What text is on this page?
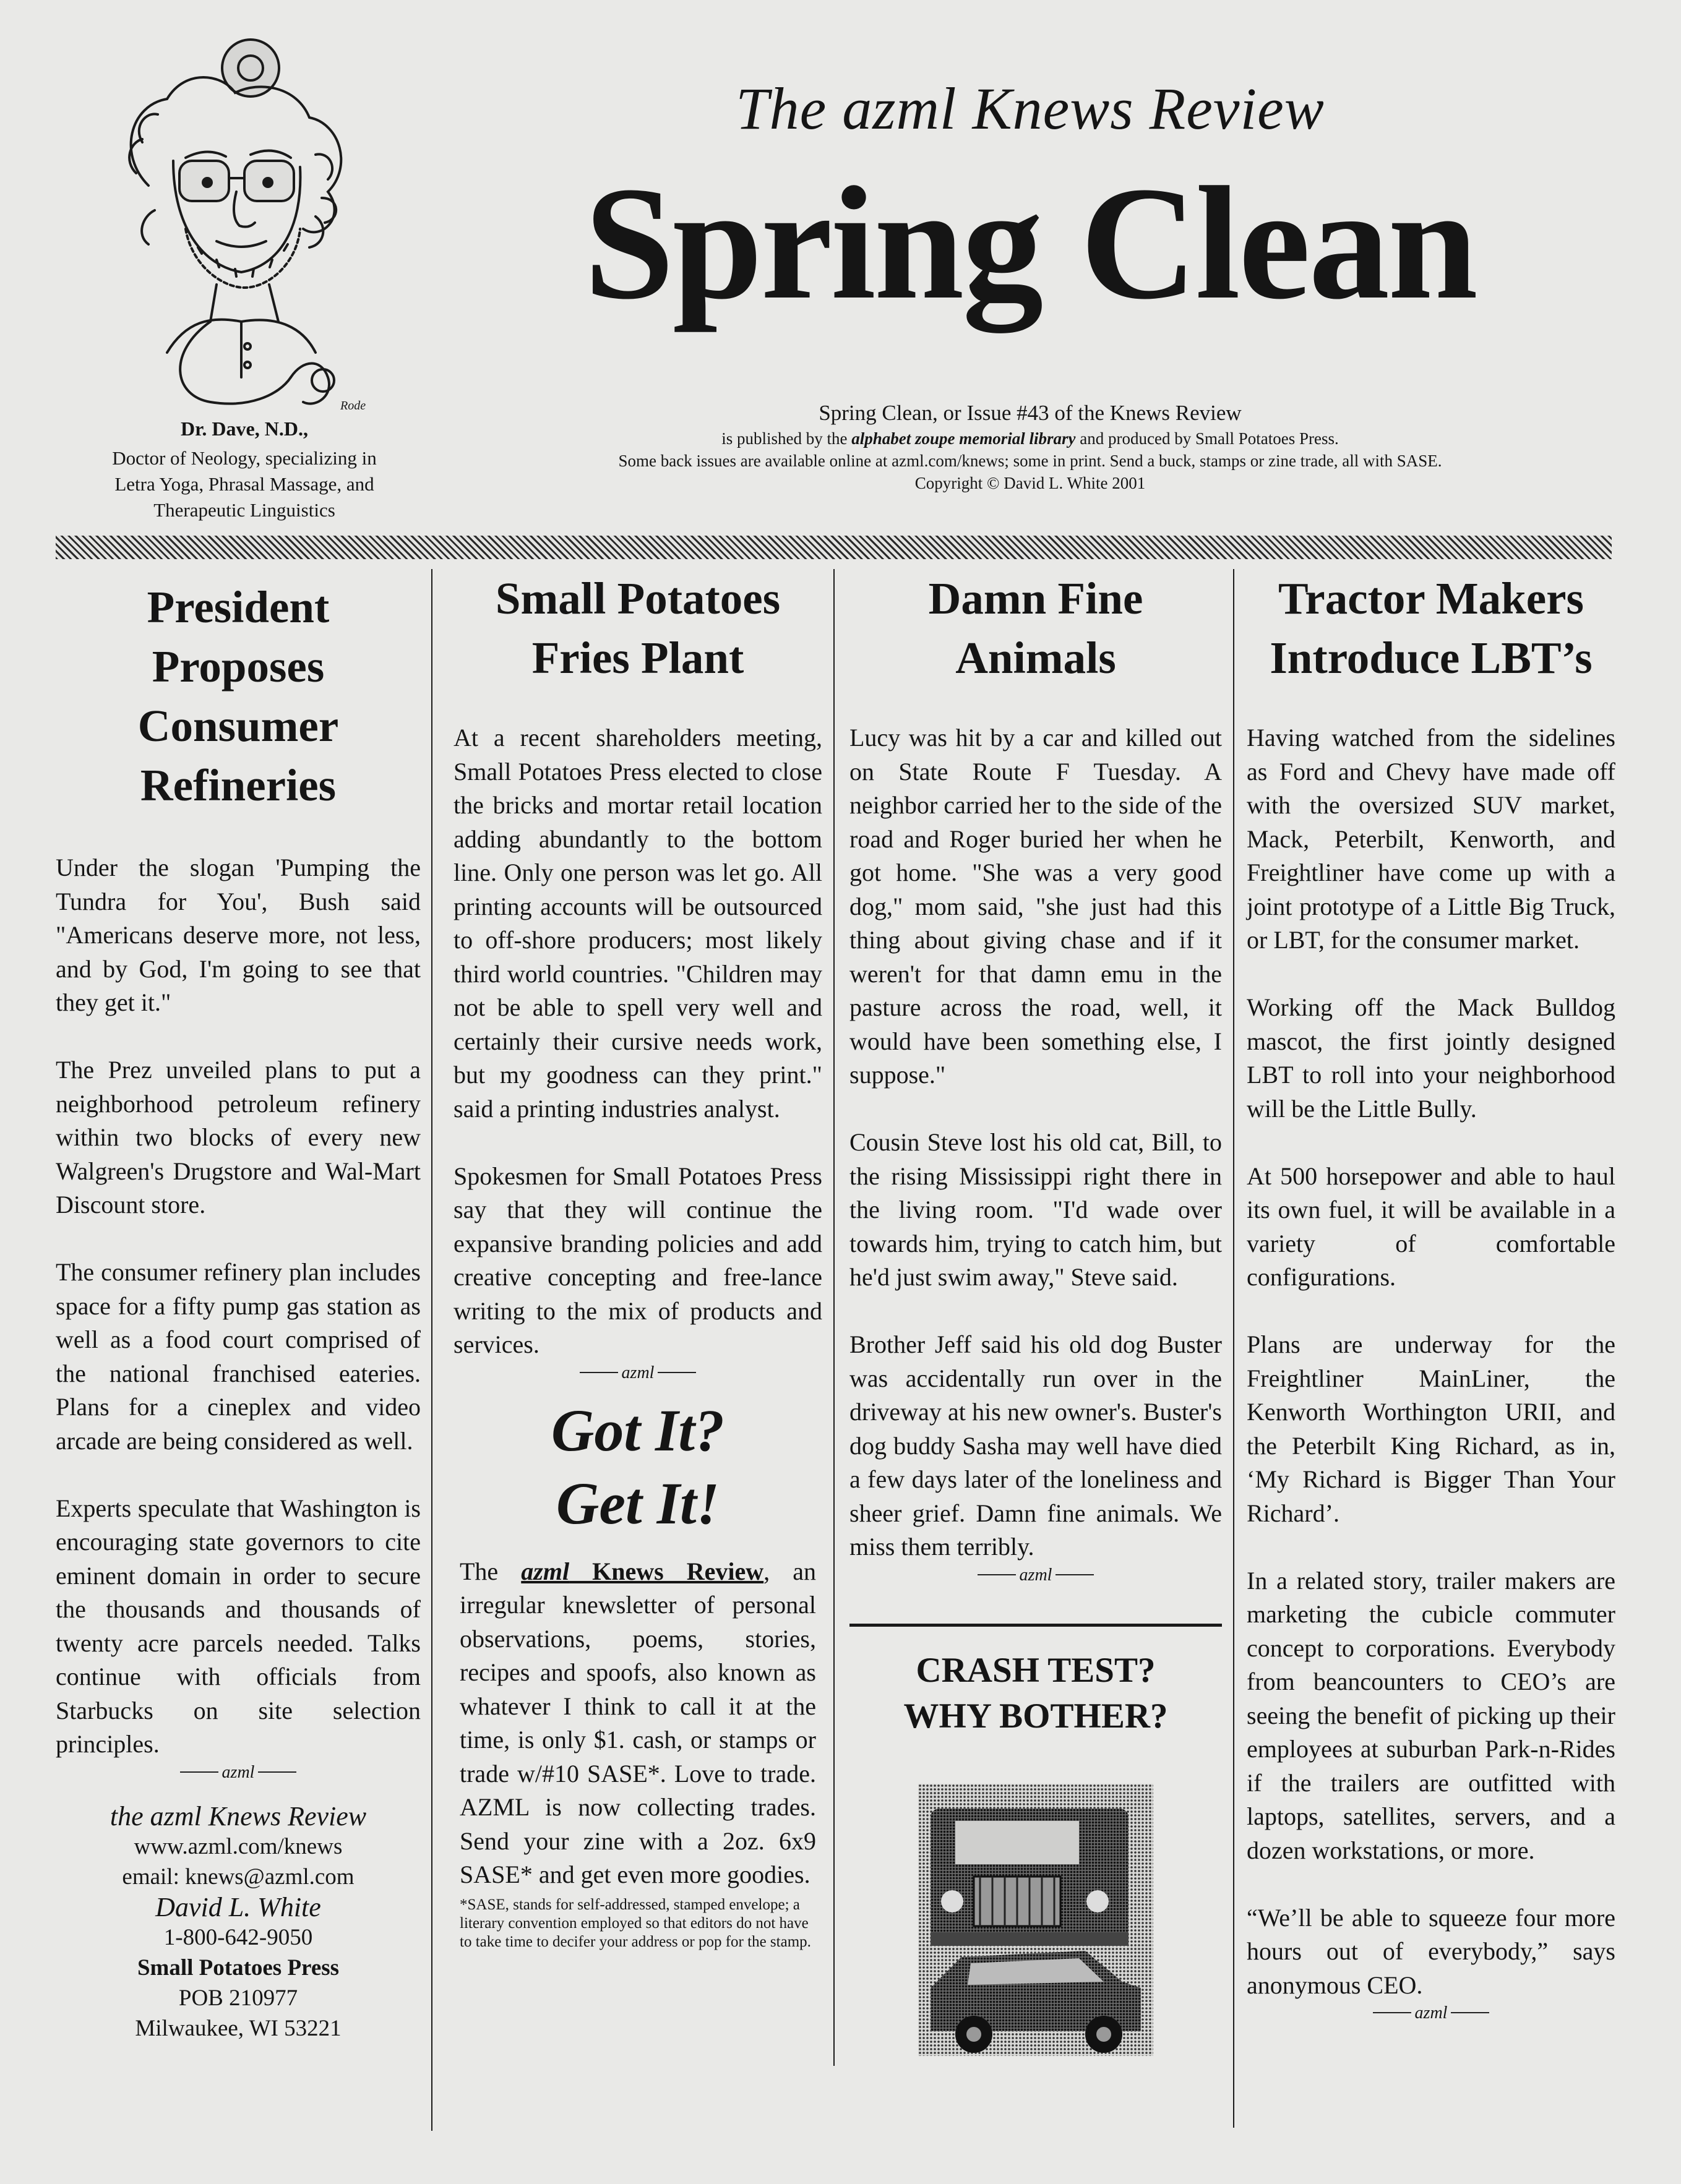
Rode
Dr. Dave, N.D.,
Doctor of Neology, specializing in
Letra Yoga, Phrasal Massage, and
Therapeutic Linguistics
The azml Knews Review
Spring Clean
Spring Clean, or Issue #43 of the Knews Review
is published by the alphabet zoupe memorial library and produced by Small Potatoes Press.
Some back issues are available online at azml.com/knews; some in print. Send a buck, stamps or zine trade, all with SASE.
Copyright © David L. White 2001
President Proposes Consumer Refineries

Under the slogan 'Pumping the Tundra for You', Bush said "Americans deserve more, not less, and by God, I'm going to see that they get it."

The Prez unveiled plans to put a neighborhood petroleum refinery within two blocks of every new Walgreen's Drugstore and Wal-Mart Discount store.

The consumer refinery plan includes space for a fifty pump gas station as well as a food court comprised of the national franchised eateries. Plans for a cineplex and video arcade are being considered as well.

Experts speculate that Washington is encouraging state governors to cite eminent domain in order to secure the thousands and thousands of twenty acre parcels needed. Talks continue with officials from Starbucks on site selection principles.

azml
the azml Knews Review
www.azml.com/knews
email: knews@azml.com
David L. White
1-800-642-9050
Small Potatoes Press
POB 210977
Milwaukee, WI 53221
Small Potatoes Fries Plant

At a recent shareholders meeting, Small Potatoes Press elected to close the bricks and mortar retail location adding abundantly to the bottom line. Only one person was let go. All printing accounts will be outsourced to off-shore producers; most likely third world countries. "Children may not be able to spell very well and certainly their cursive needs work, but my goodness can they print." said a printing industries analyst.

Spokesmen for Small Potatoes Press say that they will continue the expansive branding policies and add creative concepting and free-lance writing to the mix of products and services.

azml
Got It?
Get It!
The azml Knews Review, an irregular knewsletter of personal observations, poems, stories, recipes and spoofs, also known as whatever I think to call it at the time, is only $1. cash, or stamps or trade w/#10 SASE*. Love to trade. AZML is now collecting trades. Send your zine with a 2oz. 6x9 SASE* and get even more goodies.
*SASE, stands for self-addressed, stamped envelope; a literary convention employed so that editors do not have to take time to decifer your address or pop for the stamp.
Damn Fine Animals

Lucy was hit by a car and killed out on State Route F Tuesday. A neighbor carried her to the side of the road and Roger buried her when he got home. "She was a very good dog," mom said, "she just had this thing about giving chase and if it weren't for that damn emu in the pasture across the road, well, it would have been something else, I suppose."

Cousin Steve lost his old cat, Bill, to the rising Mississippi right there in the living room. "I'd wade over towards him, trying to catch him, but he'd just swim away," Steve said.

Brother Jeff said his old dog Buster was accidentally run over in the driveway at his new owner's. Buster's dog buddy Sasha may well have died a few days later of the loneliness and sheer grief. Damn fine animals. We miss them terribly.

azml
CRASH TEST?
WHY BOTHER?
Tractor Makers Introduce LBT’s

Having watched from the sidelines as Ford and Chevy have made off with the oversized SUV market, Mack, Peterbilt, Kenworth, and Freightliner have come up with a joint prototype of a Little Big Truck, or LBT, for the consumer market.

Working off the Mack Bulldog mascot, the first jointly designed LBT to roll into your neighborhood will be the Little Bully.

At 500 horsepower and able to haul its own fuel, it will be available in a variety of comfortable configurations.

Plans are underway for the Freightliner MainLiner, the Kenworth Worthington URII, and the Peterbilt King Richard, as in, ‘My Richard is Bigger Than Your Richard’.

In a related story, trailer makers are marketing the cubicle commuter concept to corporations. Everybody from beancounters to CEO’s are seeing the benefit of picking up their employees at suburban Park-n-Rides if the trailers are outfitted with laptops, satellites, servers, and a dozen workstations, or more.

“We’ll be able to squeeze four more hours out of everybody,” says anonymous CEO.

azml
